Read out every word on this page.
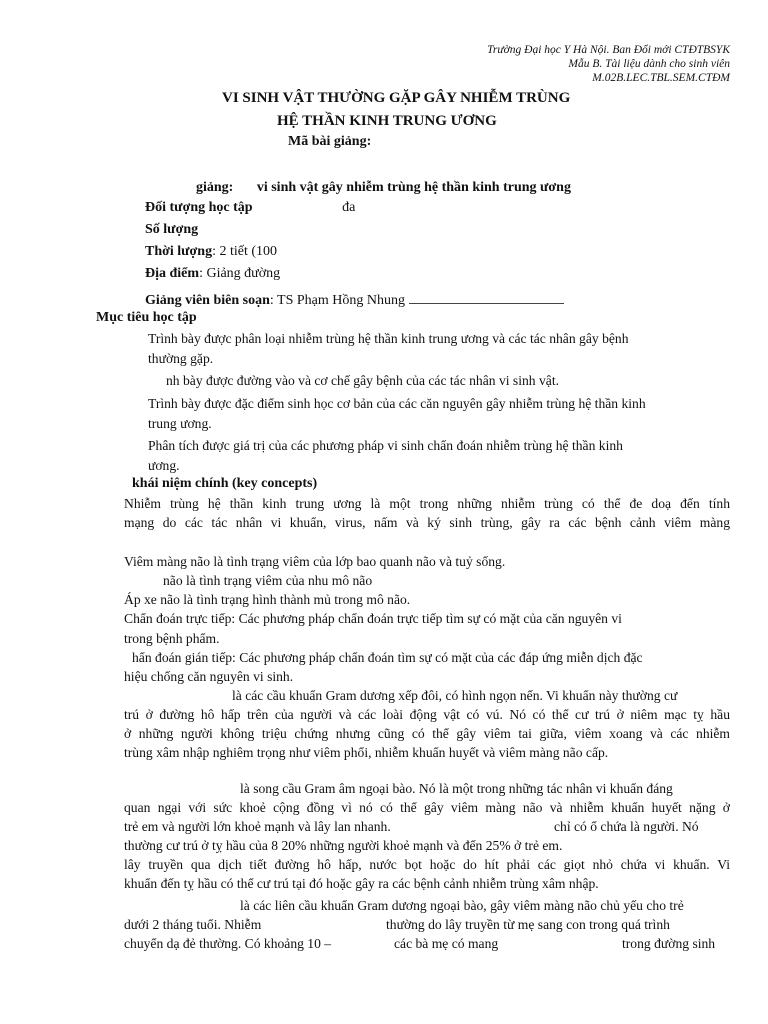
Trường Đại học Y Hà Nội. Ban Đổi mới CTĐTBSYK
Mẫu B. Tài liệu dành cho sinh viên
M.02B.LEC.TBL.SEM.CTĐM
VI SINH VẬT THƯỜNG GẶP GÂY NHIỄM TRÙNG
HỆ THẦN KINH TRUNG ƯƠNG
Mã bài giảng:
giảng: vi sinh vật gây nhiễm trùng hệ thần kinh trung ương
Đối tượng học tập	đa
Số lượng
Thời lượng: 2 tiết (100
Địa điểm: Giảng đường
Giảng viên biên soạn: TS Phạm Hồng Nhung
Mục tiêu học tập
Trình bày được phân loại nhiễm trùng hệ thần kinh trung ương và các tác nhân gây bệnh
thường gặp.
nh bày được đường vào và cơ chế gây bệnh của các tác nhân vi sinh vật.
Trình bày được đặc điểm sinh học cơ bản của các căn nguyên gây nhiễm trùng hệ thần kinh
trung ương.
Phân tích được giá trị của các phương pháp vi sinh chẩn đoán nhiễm trùng hệ thần kinh
ương.
khái niệm chính (key concepts)
Nhiễm trùng hệ thần kinh trung ương là một trong những nhiễm trùng có thể đe doạ đến tính
mạng do các tác nhân vi khuẩn, virus, nấm và ký sinh trùng, gây ra các bệnh cảnh viêm màng
Viêm màng não là tình trạng viêm của lớp bao quanh não và tuỷ sống.
não là tình trạng viêm của nhu mô não
Áp xe não là tình trạng hình thành mủ trong mô não.
Chẩn đoán trực tiếp: Các phương pháp chẩn đoán trực tiếp tìm sự có mặt của căn nguyên vi
trong bệnh phẩm.
hẩn đoán gián tiếp: Các phương pháp chẩn đoán tìm sự có mặt của các đáp ứng miễn dịch đặc
hiệu chống căn nguyên vi sinh.
là các cầu khuẩn Gram dương xếp đôi, có hình ngọn nến. Vi khuẩn này thường cư
trú ở đường hô hấp trên của người và các loài động vật có vú. Nó có thể cư trú ở niêm mạc tỵ hầu
ở những người không triệu chứng nhưng cũng có thể gây viêm tai giữa, viêm xoang và các nhiễm
trùng xâm nhập nghiêm trọng như viêm phổi, nhiễm khuẩn huyết và viêm màng não cấp.
là song cầu Gram âm ngoại bào. Nó là một trong những tác nhân vi khuẩn đáng
quan ngại với sức khoẻ cộng đồng vì nó có thể gây viêm màng não và nhiễm khuẩn huyết nặng ở
trẻ em và người lớn khoẻ mạnh và lây lan nhanh.	chỉ có ổ chứa là người. Nó
thường cư trú ở tỵ hầu của 8 20% những người khoẻ mạnh và đến 25% ở trẻ em.
lây truyền qua dịch tiết đường hô hấp, nước bọt hoặc do hít phải các giọt nhỏ chứa vi khuẩn. Vi
khuẩn đến tỵ hầu có thể cư trú tại đó hoặc gây ra các bệnh cảnh nhiễm trùng xâm nhập.
là các liên cầu khuẩn Gram dương ngoại bào, gây viêm màng não chủ yếu cho trẻ
dưới 2 tháng tuổi. Nhiễm	thường do lây truyền từ mẹ sang con trong quá trình
chuyển dạ đẻ thường. Có khoảng 10 –	các bà mẹ có mang	trong đường sinh
